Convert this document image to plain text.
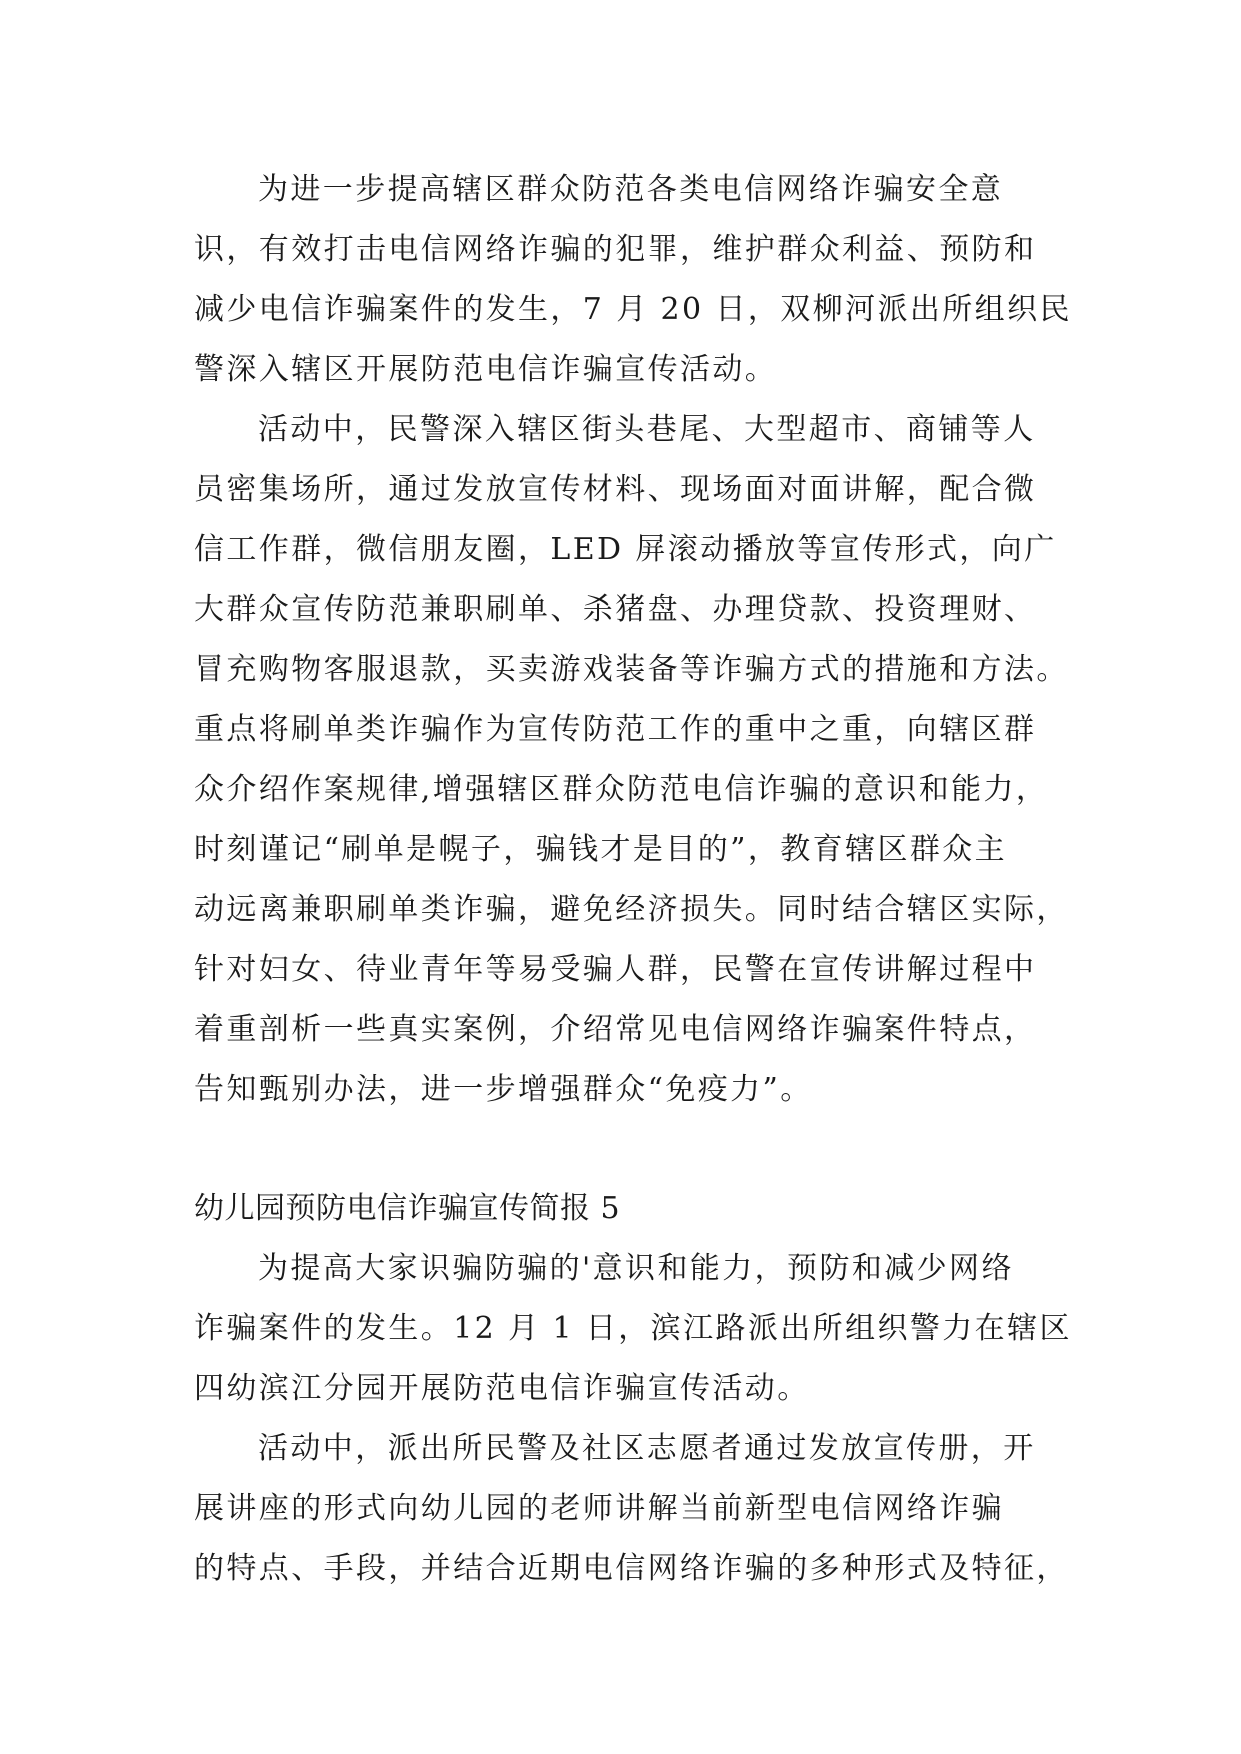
为进一步提高辖区群众防范各类电信网络诈骗安全意
识，有效打击电信网络诈骗的犯罪，维护群众利益、预防和
减少电信诈骗案件的发生，7 月 20 日，双柳河派出所组织民
警深入辖区开展防范电信诈骗宣传活动。
活动中，民警深入辖区街头巷尾、大型超市、商铺等人
员密集场所，通过发放宣传材料、现场面对面讲解，配合微
信工作群，微信朋友圈，LED 屏滚动播放等宣传形式，向广
大群众宣传防范兼职刷单、杀猪盘、办理贷款、投资理财、
冒充购物客服退款，买卖游戏装备等诈骗方式的措施和方法。
重点将刷单类诈骗作为宣传防范工作的重中之重，向辖区群
众介绍作案规律,增强辖区群众防范电信诈骗的意识和能力，
时刻谨记“刷单是幌子，骗钱才是目的”，教育辖区群众主
动远离兼职刷单类诈骗，避免经济损失。同时结合辖区实际，
针对妇女、待业青年等易受骗人群，民警在宣传讲解过程中
着重剖析一些真实案例，介绍常见电信网络诈骗案件特点，
告知甄别办法，进一步增强群众“免疫力”。
幼儿园预防电信诈骗宣传简报 5
为提高大家识骗防骗的'意识和能力，预防和减少网络
诈骗案件的发生。12 月 1 日，滨江路派出所组织警力在辖区
四幼滨江分园开展防范电信诈骗宣传活动。
活动中，派出所民警及社区志愿者通过发放宣传册，开
展讲座的形式向幼儿园的老师讲解当前新型电信网络诈骗
的特点、手段，并结合近期电信网络诈骗的多种形式及特征，
